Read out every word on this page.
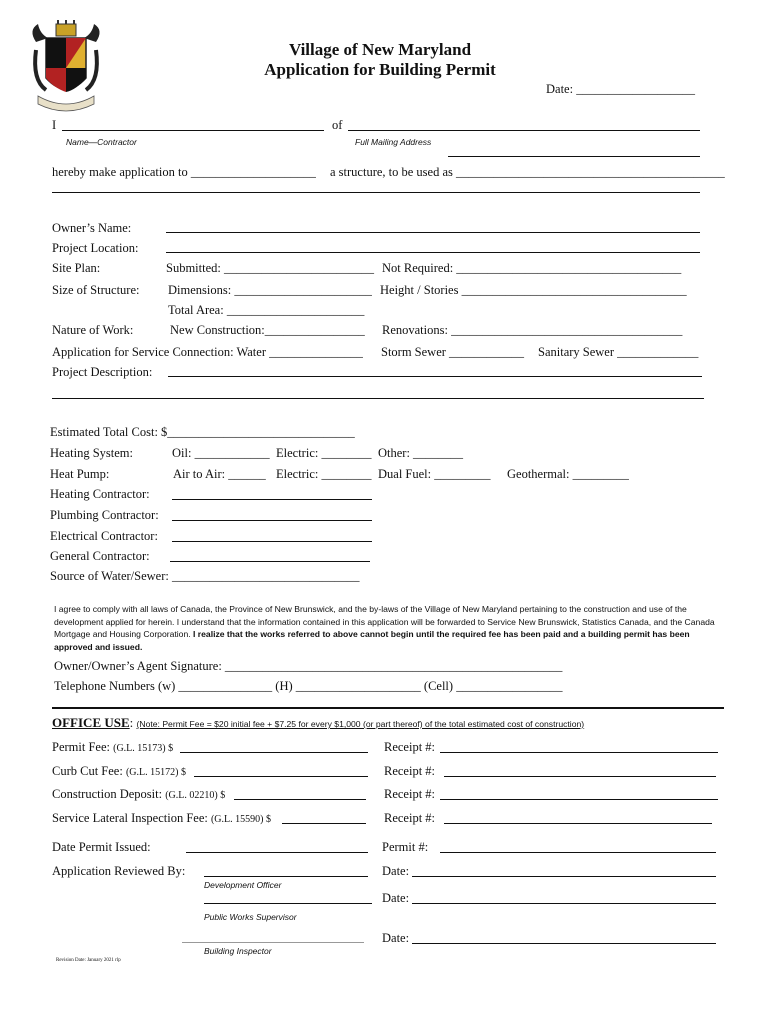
Village of New Maryland
Application for Building Permit
Date: ___________________
I	of
Name—Contractor	Full Mailing Address
hereby make application to ____________________ a structure, to be used as ___________________________________________
Owner’s Name:
Project Location:
Site Plan:	Submitted: ________________________ Not Required: ____________________________________
Size of Structure: Dimensions: ______________________ Height / Stories ____________________________________
Total Area: ______________________
Nature of Work:	New Construction:________________ Renovations: _____________________________________
Application for Service Connection: Water _______________ Storm Sewer ____________ Sanitary Sewer _____________
Project Description:
Estimated Total Cost: $______________________________
Heating System:	Oil: ____________ Electric: ________ Other: ________
Heat Pump:	Air to Air: ______ Electric: ________ Dual Fuel: _________ Geothermal: _________
Heating Contractor:
Plumbing Contractor:
Electrical Contractor:
General Contractor:
Source of Water/Sewer: ______________________________
I agree to comply with all laws of Canada, the Province of New Brunswick, and the by-laws of the Village of New Maryland pertaining to the construction and use of the development applied for herein. I understand that the information contained in this application will be forwarded to Service New Brunswick, Statistics Canada, and the Canada Mortgage and Housing Corporation. I realize that the works referred to above cannot begin until the required fee has been paid and a building permit has been approved and issued.
Owner/Owner’s Agent Signature: ______________________________________________________
Telephone Numbers (w) _______________ (H) ____________________ (Cell) _________________
OFFICE USE: (Note: Permit Fee = $20 initial fee + $7.25 for every $1,000 (or part thereof) of the total estimated cost of construction)
Permit Fee: (G.L. 15173) $	Receipt #:
Curb Cut Fee: (G.L. 15172) $	Receipt #:
Construction Deposit: (G.L. 02210) $	Receipt #:
Service Lateral Inspection Fee: (G.L. 15590) $	Receipt #:
Date Permit Issued:	Permit #:
Application Reviewed By:	Date:
Development Officer
Date:
Public Works Supervisor
Date:
Building Inspector
Revision Date: January 2021 rlp
